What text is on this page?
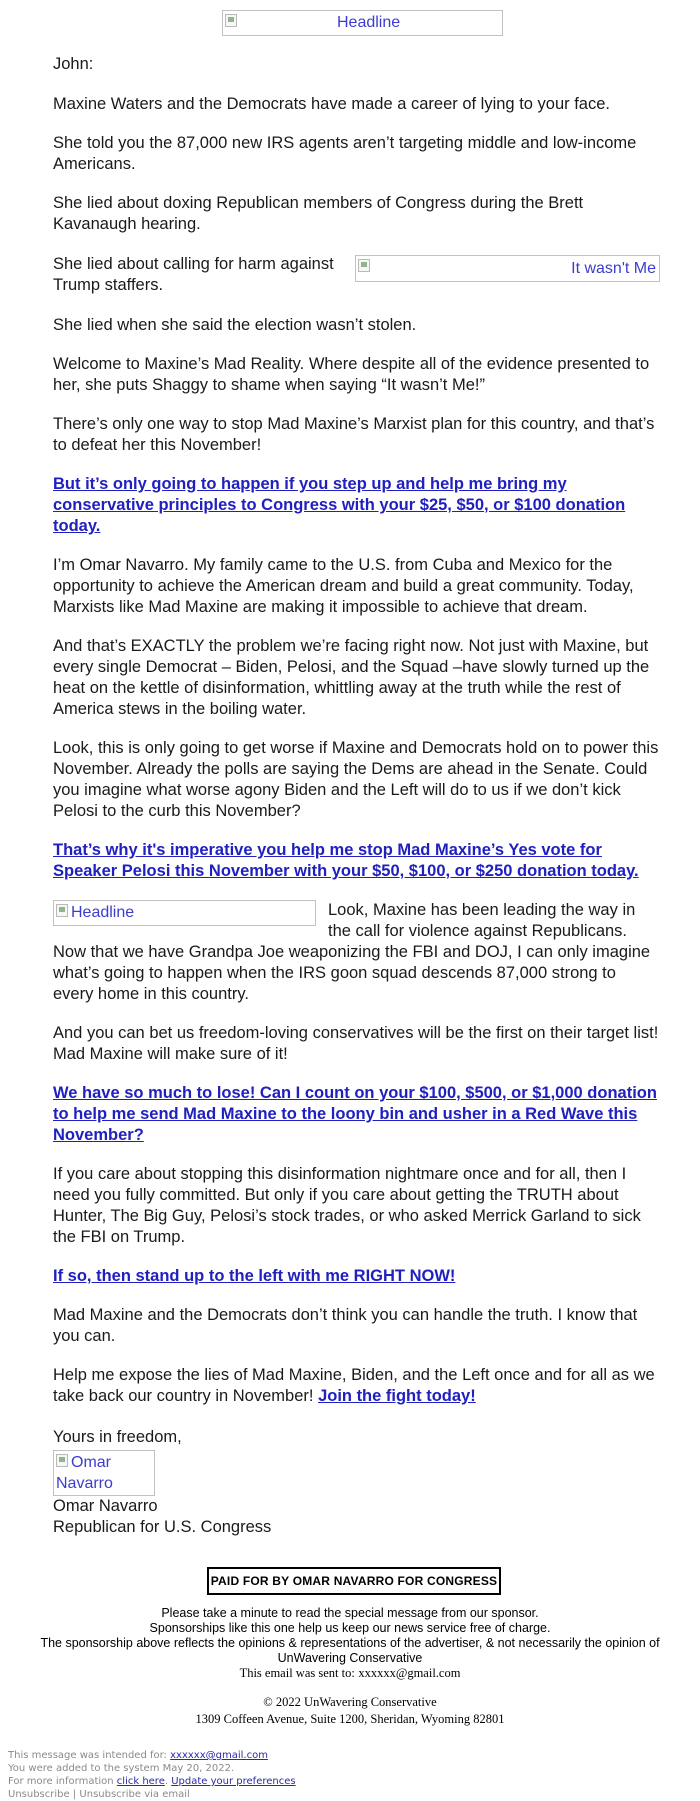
Headline

John:

Maxine Waters and the Democrats have made a career of lying to your face.

She told you the 87,000 new IRS agents aren’t targeting middle and low-income Americans.

She lied about doxing Republican members of Congress during the Brett Kavanaugh hearing.

It wasn't Me

She lied about calling for harm against Trump staffers.

She lied when she said the election wasn’t stolen.

Welcome to Maxine’s Mad Reality. Where despite all of the evidence presented to her, she puts Shaggy to shame when saying “It wasn’t Me!”

There’s only one way to stop Mad Maxine’s Marxist plan for this country, and that’s to defeat her this November!

But it’s only going to happen if you step up and help me bring my conservative principles to Congress with your $25, $50, or $100 donation today.

I’m Omar Navarro. My family came to the U.S. from Cuba and Mexico for the opportunity to achieve the American dream and build a great community. Today, Marxists like Mad Maxine are making it impossible to achieve that dream.

And that’s EXACTLY the problem we’re facing right now. Not just with Maxine, but every single Democrat – Biden, Pelosi, and the Squad –have slowly turned up the heat on the kettle of disinformation, whittling away at the truth while the rest of America stews in the boiling water.

Look, this is only going to get worse if Maxine and Democrats hold on to power this November. Already the polls are saying the Dems are ahead in the Senate. Could you imagine what worse agony Biden and the Left will do to us if we don’t kick Pelosi to the curb this November?

That’s why it's imperative you help me stop Mad Maxine’s Yes vote for Speaker Pelosi this November with your $50, $100, or $250 donation today.

Headline	Look, Maxine has been leading the way in the call for violence against Republicans. Now that we have Grandpa Joe weaponizing the FBI and DOJ, I can only imagine what’s going to happen when the IRS goon squad descends 87,000 strong to every home in this country.

And you can bet us freedom-loving conservatives will be the first on their target list! Mad Maxine will make sure of it!

We have so much to lose! Can I count on your $100, $500, or $1,000 donation to help me send Mad Maxine to the loony bin and usher in a Red Wave this November?

If you care about stopping this disinformation nightmare once and for all, then I need you fully committed. But only if you care about getting the TRUTH about Hunter, The Big Guy, Pelosi’s stock trades, or who asked Merrick Garland to sick the FBI on Trump.

If so, then stand up to the left with me RIGHT NOW!

Mad Maxine and the Democrats don’t think you can handle the truth. I know that you can.

Help me expose the lies of Mad Maxine, Biden, and the Left once and for all as we take back our country in November! Join the fight today!

Yours in freedom,
Omar Navarro
Omar Navarro
Republican for U.S. Congress
PAID FOR BY OMAR NAVARRO FOR CONGRESS
Please take a minute to read the special message from our sponsor.
Sponsorships like this one help us keep our news service free of charge.
The sponsorship above reflects the opinions & representations of the advertiser, & not necessarily the opinion of UnWavering Conservative
This email was sent to: xxxxxx@gmail.com
© 2022 UnWavering Conservative
1309 Coffeen Avenue, Suite 1200, Sheridan, Wyoming 82801
This message was intended for: xxxxxx@gmail.com
You were added to the system May 20, 2022.
For more information click here. Update your preferences
Unsubscribe | Unsubscribe via email
